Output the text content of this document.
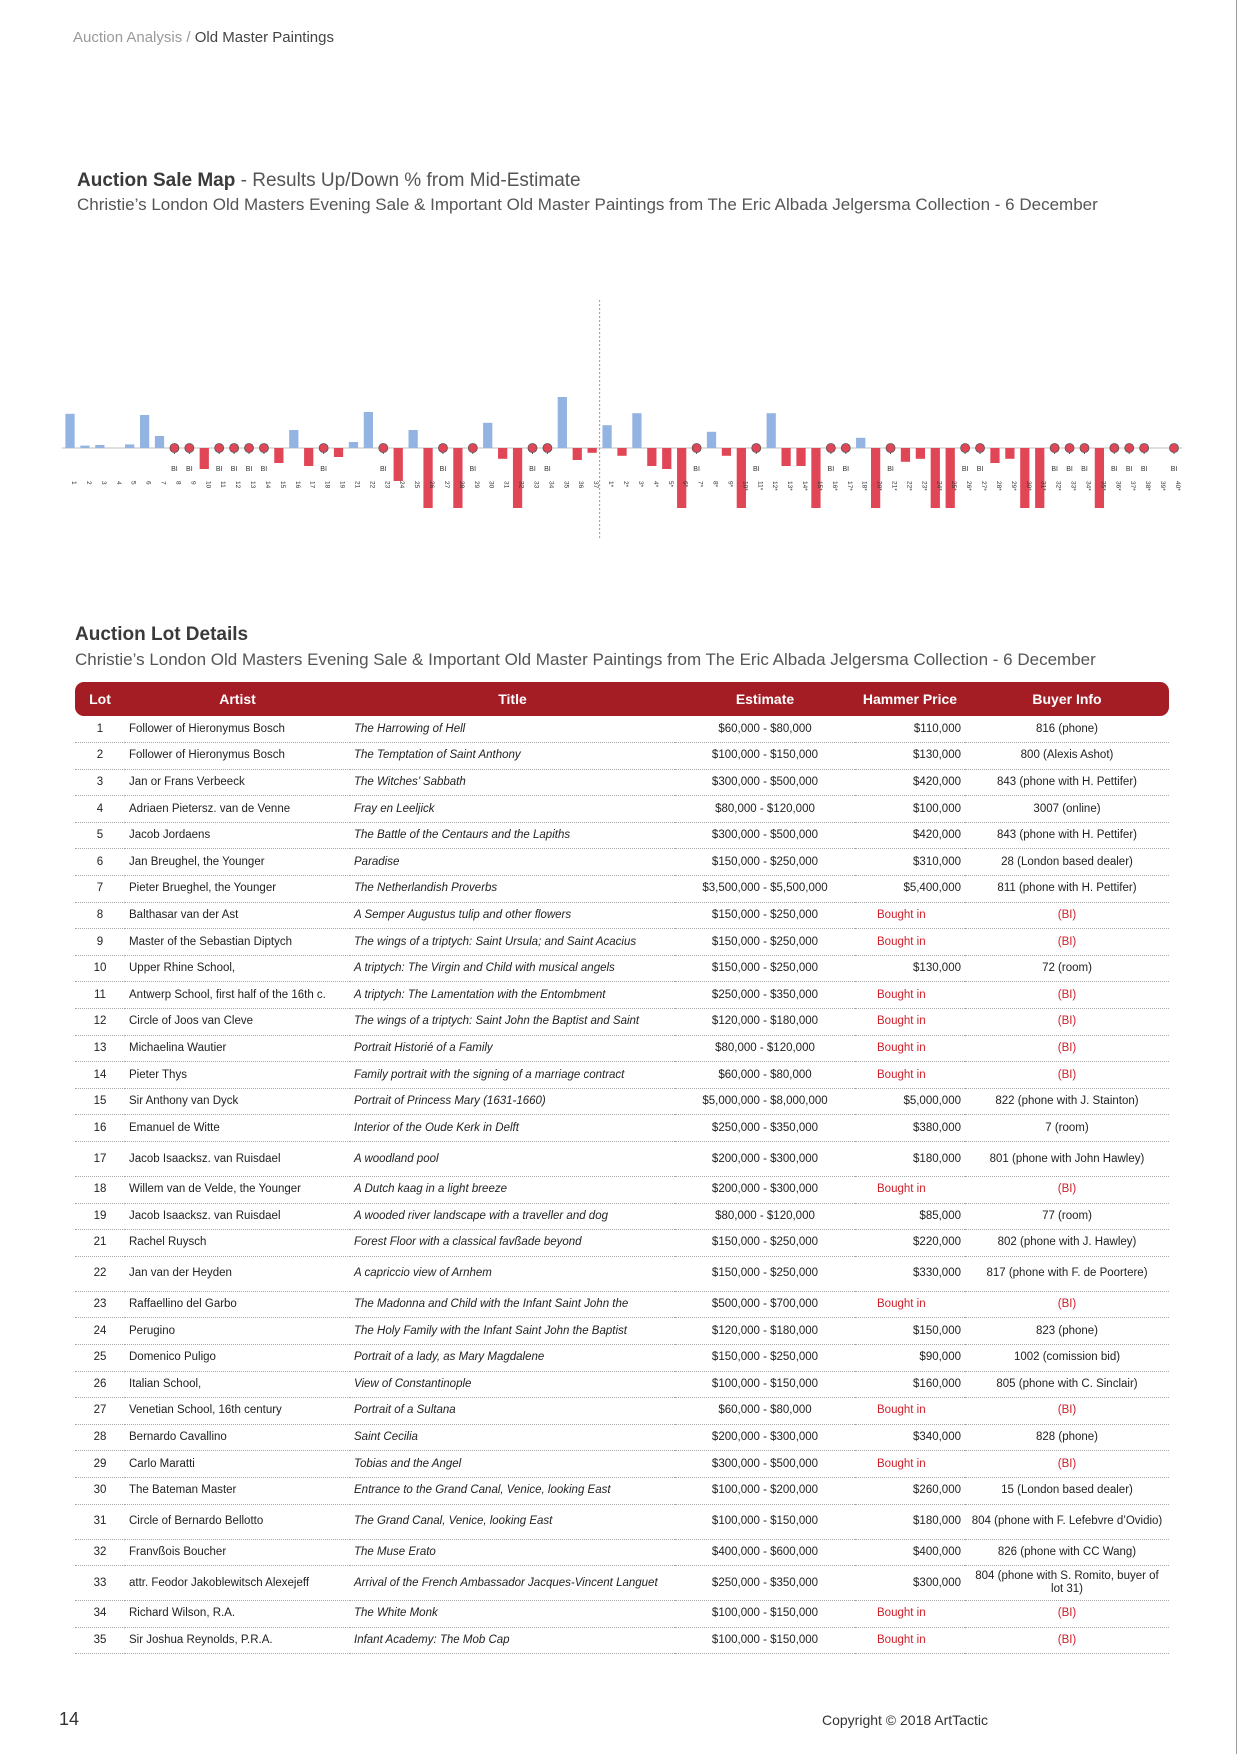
Auction Analysis / Old Master Paintings
Auction Sale Map - Results Up/Down % from Mid-Estimate
Christie’s London Old Masters Evening Sale & Important Old Master Paintings from The Eric Albada Jelgersma Collection - 6 December
1 2 3 4 5 6 7
BI
8
BI
9 10
BI
11
BI
12
BI
13
BI
14 15 16 17
BI
18 19 21 22
BI
23 24 25 26
BI
27 28
BI
29 30 31 32
BI
33
BI
34 35 36 37 1* 2* 3* 4* 5* 6*
BI
7* 8* 9* 10*
BI
11* 12* 13* 14* 15*
BI
16*
BI
17* 18* 20*
BI
21* 22* 23* 24* 25*
BI
26*
BI
27* 28* 29* 30* 31*
BI
32*
BI
33*
BI
34* 35*
BI
36*
BI
37*
BI
38* 39*
BI
40*
Auction Lot Details
Christie’s London Old Masters Evening Sale & Important Old Master Paintings from The Eric Albada Jelgersma Collection - 6 December
Lot	Artist	Title	Estimate	Hammer Price	Buyer Info
1	Follower of Hieronymus Bosch	The Harrowing of Hell	$60,000 - $80,000	$110,000	816 (phone)
2	Follower of Hieronymus Bosch	The Temptation of Saint Anthony	$100,000 - $150,000	$130,000	800 (Alexis Ashot)
3	Jan or Frans Verbeeck	The Witches’ Sabbath	$300,000 - $500,000	$420,000	843 (phone with H. Pettifer)
4	Adriaen Pietersz. van de Venne	Fray en Leeljick	$80,000 - $120,000	$100,000	3007 (online)
5	Jacob Jordaens	The Battle of the Centaurs and the Lapiths	$300,000 - $500,000	$420,000	843 (phone with H. Pettifer)
6	Jan Breughel, the Younger	Paradise	$150,000 - $250,000	$310,000	28 (London based dealer)
7	Pieter Brueghel, the Younger	The Netherlandish Proverbs	$3,500,000 - $5,500,000	$5,400,000	811 (phone with H. Pettifer)
8	Balthasar van der Ast	A Semper Augustus tulip and other flowers	$150,000 - $250,000	Bought in	(BI)
9	Master of the Sebastian Diptych	The wings of a triptych: Saint Ursula; and Saint Acacius	$150,000 - $250,000	Bought in	(BI)
10	Upper Rhine School,	A triptych: The Virgin and Child with musical angels	$150,000 - $250,000	$130,000	72 (room)
11	Antwerp School, first half of the 16th c.	A triptych: The Lamentation with the Entombment	$250,000 - $350,000	Bought in	(BI)
12	Circle of Joos van Cleve	The wings of a triptych: Saint John the Baptist and Saint	$120,000 - $180,000	Bought in	(BI)
13	Michaelina Wautier	Portrait Historié of a Family	$80,000 - $120,000	Bought in	(BI)
14	Pieter Thys	Family portrait with the signing of a marriage contract	$60,000 - $80,000	Bought in	(BI)
15	Sir Anthony van Dyck	Portrait of Princess Mary (1631-1660)	$5,000,000 - $8,000,000	$5,000,000	822 (phone with J. Stainton)
16	Emanuel de Witte	Interior of the Oude Kerk in Delft	$250,000 - $350,000	$380,000	7 (room)
17	Jacob Isaacksz. van Ruisdael	A woodland pool	$200,000 - $300,000	$180,000	801 (phone with John Hawley)
18	Willem van de Velde, the Younger	A Dutch kaag in a light breeze	$200,000 - $300,000	Bought in	(BI)
19	Jacob Isaacksz. van Ruisdael	A wooded river landscape with a traveller and dog	$80,000 - $120,000	$85,000	77 (room)
21	Rachel Ruysch	Forest Floor with a classical favßade beyond	$150,000 - $250,000	$220,000	802 (phone with J. Hawley)
22	Jan van der Heyden	A capriccio view of Arnhem	$150,000 - $250,000	$330,000	817 (phone with F. de Poortere)
23	Raffaellino del Garbo	The Madonna and Child with the Infant Saint John the	$500,000 - $700,000	Bought in	(BI)
24	Perugino	The Holy Family with the Infant Saint John the Baptist	$120,000 - $180,000	$150,000	823 (phone)
25	Domenico Puligo	Portrait of a lady, as Mary Magdalene	$150,000 - $250,000	$90,000	1002 (comission bid)
26	Italian School,	View of Constantinople	$100,000 - $150,000	$160,000	805 (phone with C. Sinclair)
27	Venetian School, 16th century	Portrait of a Sultana	$60,000 - $80,000	Bought in	(BI)
28	Bernardo Cavallino	Saint Cecilia	$200,000 - $300,000	$340,000	828 (phone)
29	Carlo Maratti	Tobias and the Angel	$300,000 - $500,000	Bought in	(BI)
30	The Bateman Master	Entrance to the Grand Canal, Venice, looking East	$100,000 - $200,000	$260,000	15 (London based dealer)
31	Circle of Bernardo Bellotto	The Grand Canal, Venice, looking East	$100,000 - $150,000	$180,000	804 (phone with F. Lefebvre d’Ovidio)
32	Franvßois Boucher	The Muse Erato	$400,000 - $600,000	$400,000	826 (phone with CC Wang)
33	attr. Feodor Jakoblewitsch Alexejeff	Arrival of the French Ambassador Jacques-Vincent Languet	$250,000 - $350,000	$300,000	804 (phone with S. Romito, buyer of lot 31)
34	Richard Wilson, R.A.	The White Monk	$100,000 - $150,000	Bought in	(BI)
35	Sir Joshua Reynolds, P.R.A.	Infant Academy: The Mob Cap	$100,000 - $150,000	Bought in	(BI)
14	Copyright © 2018 ArtTactic
